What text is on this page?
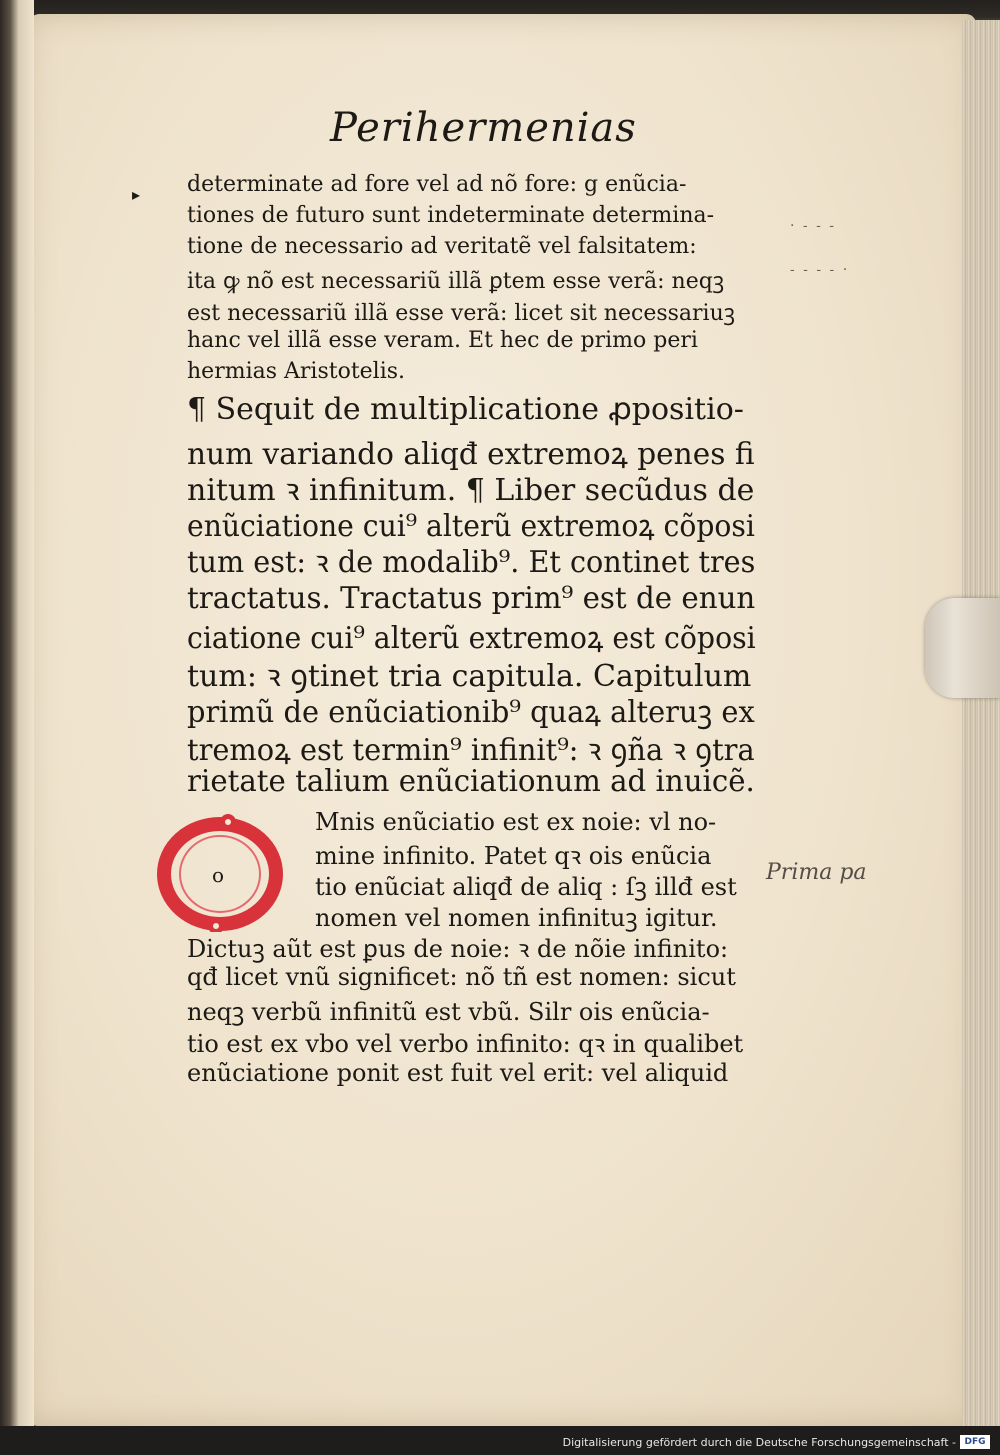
Perihermenias
▸ determinate ad fore vel ad nõ fore: g enũcia-
tiones de futuro sunt indeterminate determina-
tione de necessario ad veritatẽ vel falsitatem:
ita ꝙ nõ est necessariũ illã ꝑtem esse verã: neqꝫ
est necessariũ illã esse verã: licet sit necessariuꝫ
hanc vel illã esse veram. Et hec de primo peri
hermias Aristotelis.
¶ Sequit de multiplicatione ꝓpositio-
num variando aliqđ extremoꝝ penes fi
nitum ꝛ infinitum. ¶ Liber secũdus de
enũciatione cui⁹ alterũ extremoꝝ cõposi
tum est: ꝛ de modalib⁹. Et continet tres
tractatus. Tractatus prim⁹ est de enun
ciatione cui⁹ alterũ extremoꝝ est cõposi
tum: ꝛ ꝯtinet tria capitula. Capitulum
primũ de enũciationib⁹ quaꝝ alteruꝫ ex
tremoꝝ est termin⁹ infinit⁹: ꝛ ꝯña ꝛ ꝯtra
rietate talium enũciationum ad inuicẽ.
o
Mnis enũciatio est ex noie: vl no-
mine infinito. Patet qꝛ ois enũcia
tio enũciat aliqđ de aliq : ſꝫ illđ est
nomen vel nomen infinituꝫ igitur.
Dictuꝫ aũt est ꝑus de noie: ꝛ de nõie infinito:
qđ licet vnũ significet: nõ tñ est nomen: sicut
neqꝫ verbũ infinitũ est vbũ. Silr ois enũcia-
tio est ex vbo vel verbo infinito: qꝛ in qualibet
enũciatione ponit est fuit vel erit: vel aliquid
Prima pa
· - - -
- - - - ·
Digitalisierung gefördert durch die Deutsche Forschungsgemeinschaft - DFG
